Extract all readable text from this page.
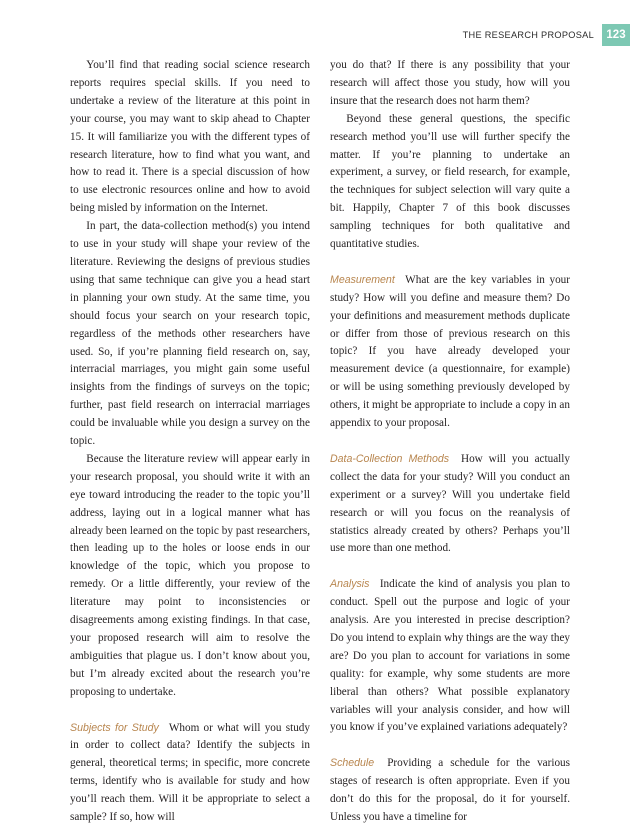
THE RESEARCH PROPOSAL	123

You’ll find that reading social science research reports requires special skills. If you need to undertake a review of the literature at this point in your course, you may want to skip ahead to Chapter 15. It will familiarize you with the different types of research literature, how to find what you want, and how to read it. There is a special discussion of how to use electronic resources online and how to avoid being misled by information on the Internet.

In part, the data-collection method(s) you intend to use in your study will shape your review of the literature. Reviewing the designs of previous studies using that same technique can give you a head start in planning your own study. At the same time, you should focus your search on your research topic, regardless of the methods other researchers have used. So, if you’re planning field research on, say, interracial marriages, you might gain some useful insights from the findings of surveys on the topic; further, past field research on interracial marriages could be invaluable while you design a survey on the topic.

Because the literature review will appear early in your research proposal, you should write it with an eye toward introducing the reader to the topic you’ll address, laying out in a logical manner what has already been learned on the topic by past researchers, then leading up to the holes or loose ends in our knowledge of the topic, which you propose to remedy. Or a little differently, your review of the literature may point to inconsistencies or disagreements among existing findings. In that case, your proposed research will aim to resolve the ambiguities that plague us. I don’t know about you, but I’m already excited about the research you’re proposing to undertake.

Subjects for Study Whom or what will you study in order to collect data? Identify the subjects in general, theoretical terms; in specific, more concrete terms, identify who is available for study and how you’ll reach them. Will it be appropriate to select a sample? If so, how will

you do that? If there is any possibility that your research will affect those you study, how will you insure that the research does not harm them?

Beyond these general questions, the specific research method you’ll use will further specify the matter. If you’re planning to undertake an experiment, a survey, or field research, for example, the techniques for subject selection will vary quite a bit. Happily, Chapter 7 of this book discusses sampling techniques for both qualitative and quantitative studies.

Measurement What are the key variables in your study? How will you define and measure them? Do your definitions and measurement methods duplicate or differ from those of previous research on this topic? If you have already developed your measurement device (a questionnaire, for example) or will be using something previously developed by others, it might be appropriate to include a copy in an appendix to your proposal.

Data-Collection Methods How will you actually collect the data for your study? Will you conduct an experiment or a survey? Will you undertake field research or will you focus on the reanalysis of statistics already created by others? Perhaps you’ll use more than one method.

Analysis Indicate the kind of analysis you plan to conduct. Spell out the purpose and logic of your analysis. Are you interested in precise description? Do you intend to explain why things are the way they are? Do you plan to account for variations in some quality: for example, why some students are more liberal than others? What possible explanatory variables will your analysis consider, and how will you know if you’ve explained variations adequately?

Schedule Providing a schedule for the various stages of research is often appropriate. Even if you don’t do this for the proposal, do it for yourself. Unless you have a timeline for
